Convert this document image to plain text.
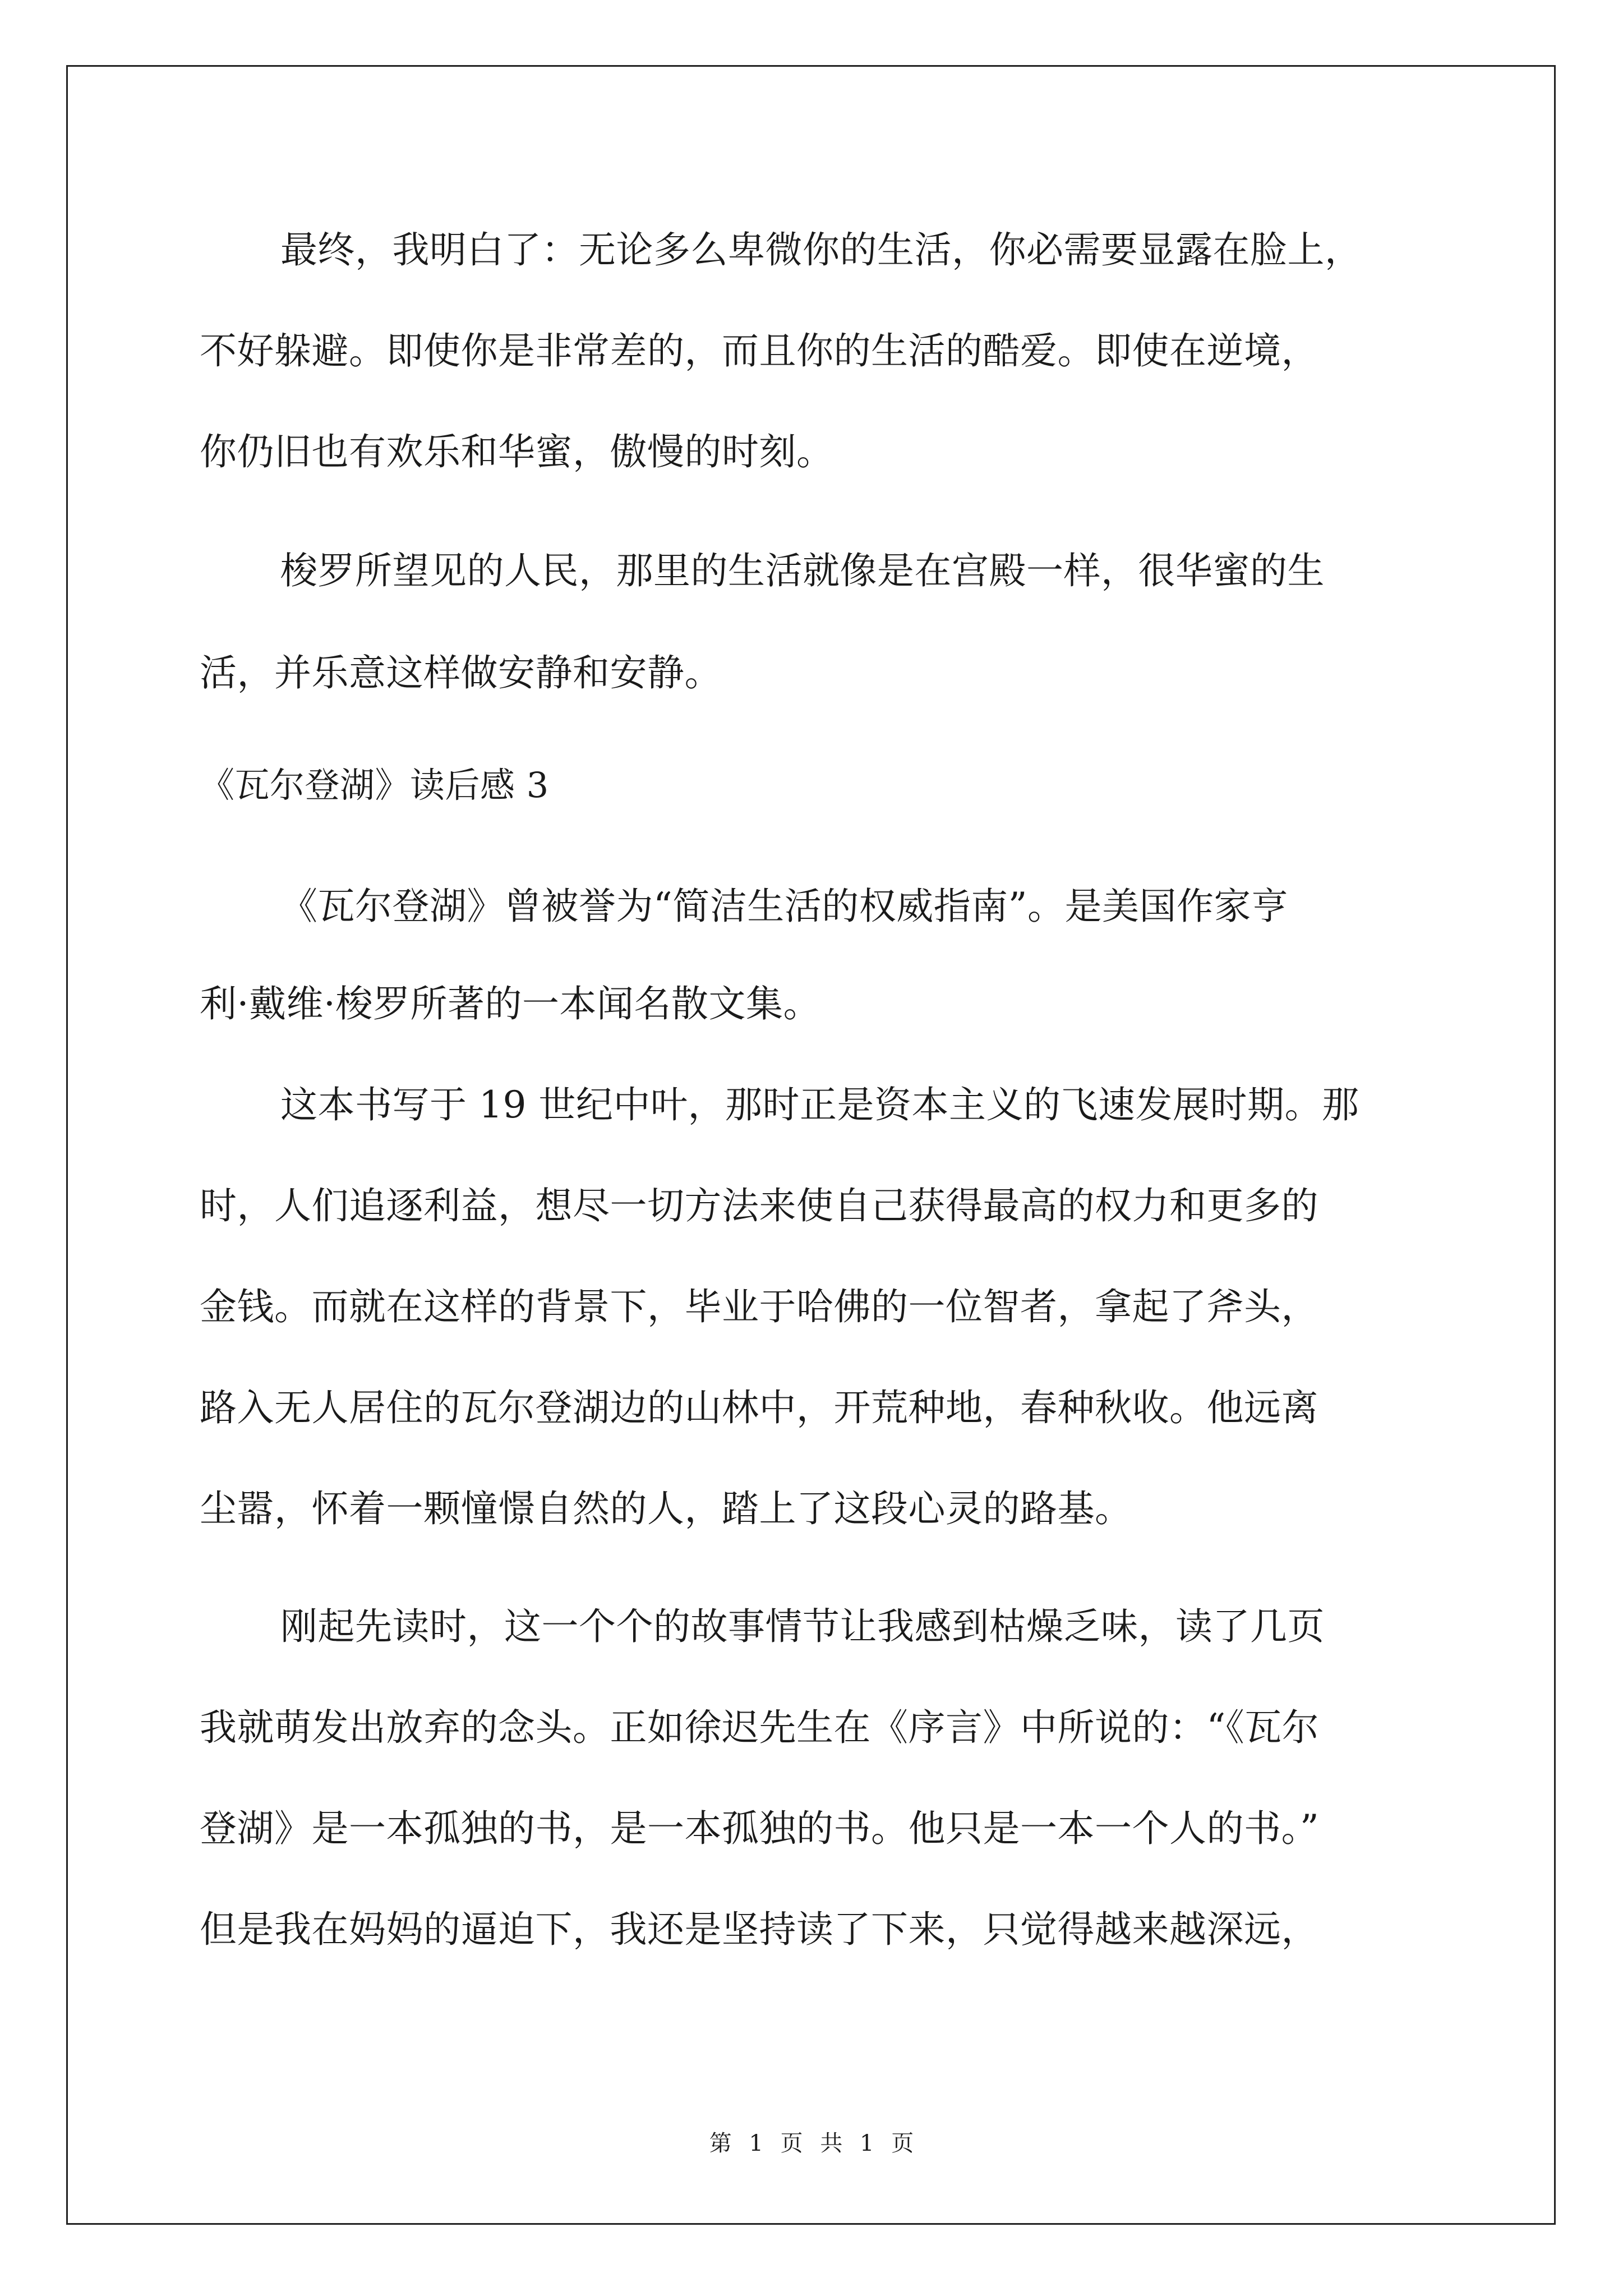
最终，我明白了：无论多么卑微你的生活，你必需要显露在脸上，
不好躲避。即使你是非常差的，而且你的生活的酷爱。即使在逆境，
你仍旧也有欢乐和华蜜，傲慢的时刻。
梭罗所望见的人民，那里的生活就像是在宫殿一样，很华蜜的生
活，并乐意这样做安静和安静。
《瓦尔登湖》读后感 3
《瓦尔登湖》曾被誉为“简洁生活的权威指南”。是美国作家亨
利·戴维·梭罗所著的一本闻名散文集。
这本书写于 19 世纪中叶，那时正是资本主义的飞速发展时期。那
时，人们追逐利益，想尽一切方法来使自己获得最高的权力和更多的
金钱。而就在这样的背景下，毕业于哈佛的一位智者，拿起了斧头，
路入无人居住的瓦尔登湖边的山林中，开荒种地，春种秋收。他远离
尘嚣，怀着一颗憧憬自然的人，踏上了这段心灵的路基。
刚起先读时，这一个个的故事情节让我感到枯燥乏味，读了几页
我就萌发出放弃的念头。正如徐迟先生在《序言》中所说的：“《瓦尔
登湖》是一本孤独的书，是一本孤独的书。他只是一本一个人的书。”
但是我在妈妈的逼迫下，我还是坚持读了下来，只觉得越来越深远，
第 1 页 共 1 页
